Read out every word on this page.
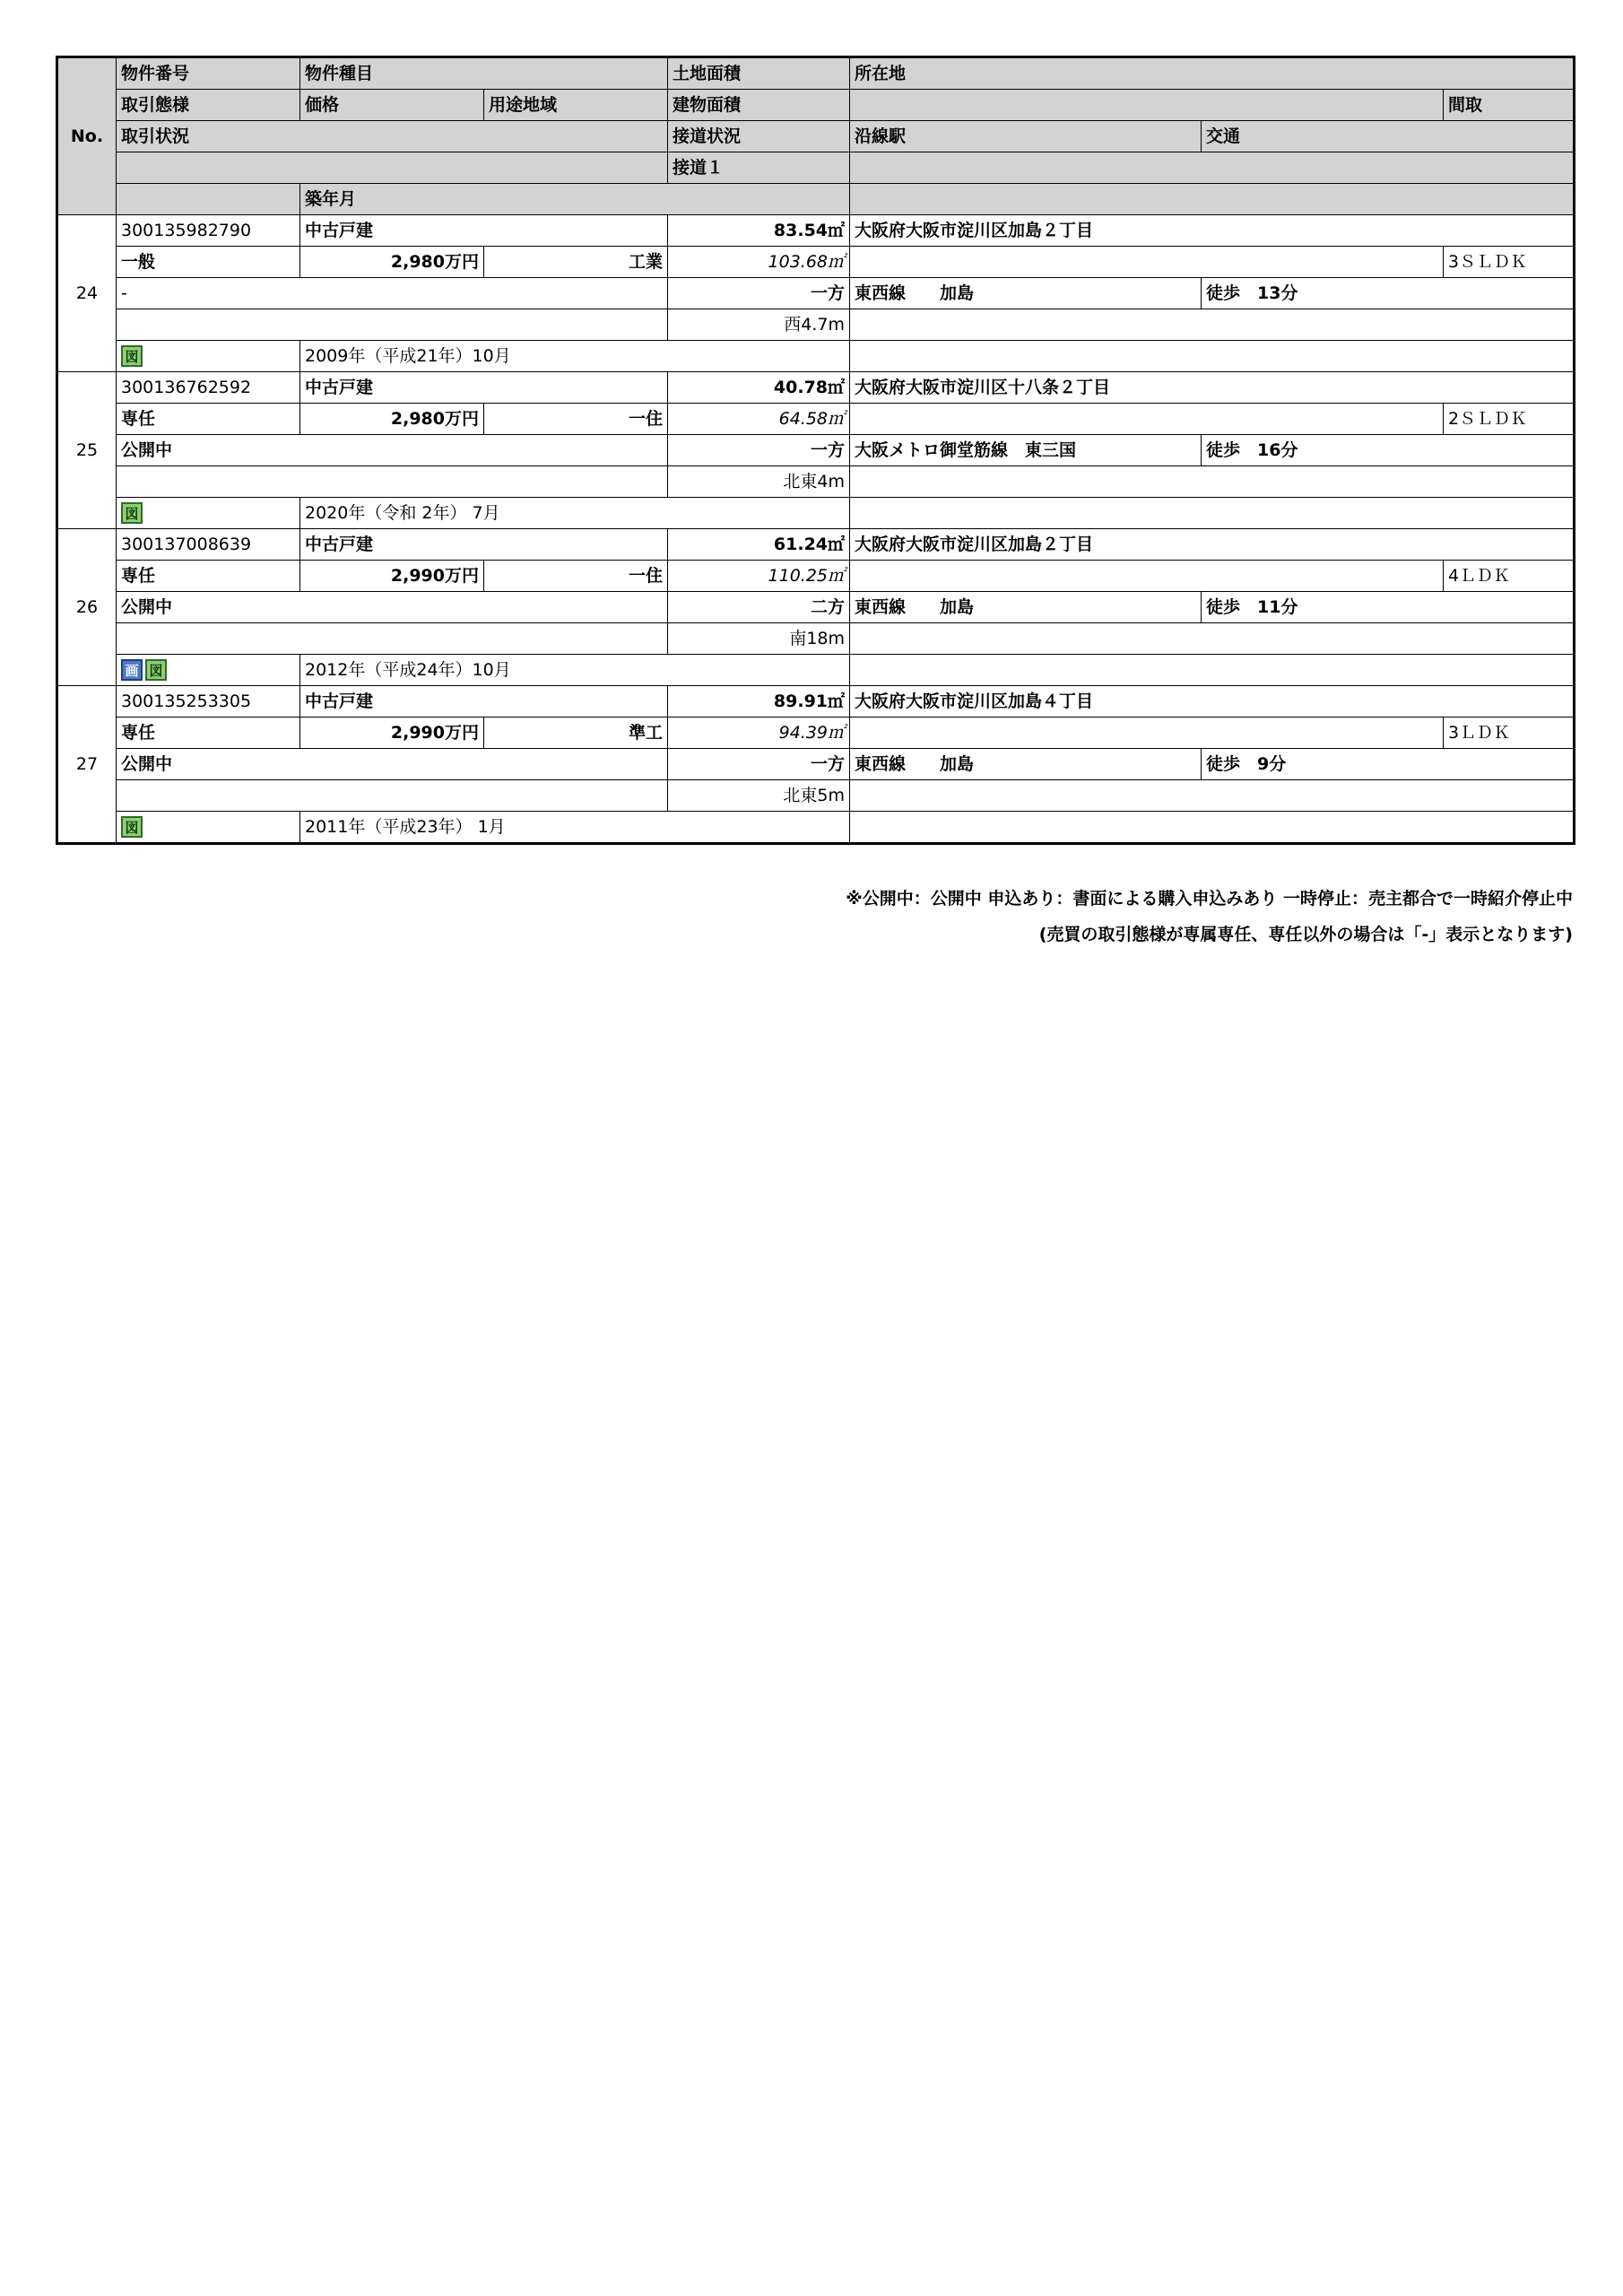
No.	物件番号	物件種目		土地面積	所在地		
	取引態様	価格	用途地域	建物面積			間取
	取引状況			接道状況	沿線駅	交通	
				接道１			
		築年月					
24	300135982790	中古戸建		83.54㎡	大阪府大阪市淀川区加島２丁目		
	一般	2,980万円	工業	103.68㎡			3ＳＬＤＫ
	-			一方	東西線　　加島	徒歩　13分	
				西4.7m			
	図	2009年（平成21年）10月					
25	300136762592	中古戸建		40.78㎡	大阪府大阪市淀川区十八条２丁目		
	専任	2,980万円	一住	64.58㎡			2ＳＬＤＫ
	公開中			一方	大阪メトロ御堂筋線　東三国	徒歩　16分	
				北東4m			
	図	2020年（令和 2年） 7月					
26	300137008639	中古戸建		61.24㎡	大阪府大阪市淀川区加島２丁目		
	専任	2,990万円	一住	110.25㎡			4ＬＤＫ
	公開中			二方	東西線　　加島	徒歩　11分	
				南18m			
	画 図	2012年（平成24年）10月					
27	300135253305	中古戸建		89.91㎡	大阪府大阪市淀川区加島４丁目		
	専任	2,990万円	準工	94.39㎡			3ＬＤＫ
	公開中			一方	東西線　　加島	徒歩　9分	
				北東5m			
	図	2011年（平成23年） 1月					
※公開中：公開中 申込あり：書面による購入申込みあり 一時停止：売主都合で一時紹介停止中
(売買の取引態様が専属専任、専任以外の場合は「-」表示となります)
